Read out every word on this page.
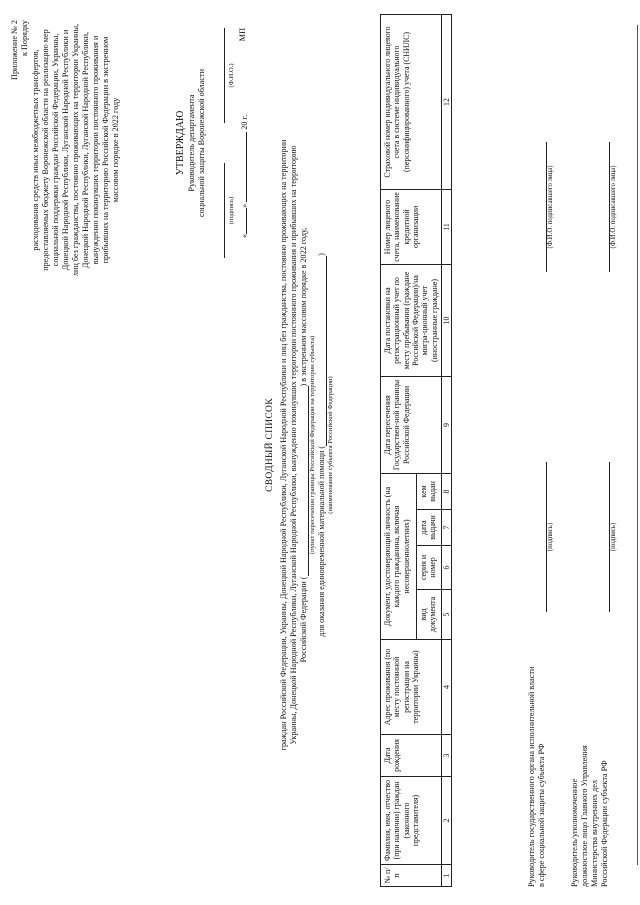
Приложение № 2 к Порядку
расходования средств иных межбюджетных трансфертов, предоставляемых бюджету Воронежской области на реализацию мер социальной поддержки граждан Российской Федерации, Украины, Донецкой Народной Республики, Луганской Народной Республики и лиц без гражданства, постоянно проживающих на территории Украины, Донецкой Народной Республики, Луганской Народной Республики, вынужденно покинувших территории постоянного проживания и прибывших на территорию Российской Федерации в экстренном массовом порядке в 2022 году	УТВЕРЖДАЮ Руководитель департамента социальной защиты Воронежской области	(подпись)
(Ф.И.О.)
«»  20 г.
МП
СВОДНЫЙ СПИСОК граждан Российской Федерации, Украины, Донецкой Народной Республики, Луганской Народной Республики и лиц без гражданства, постоянно проживающих на территории Украины, Донецкой Народной Республики, Луганской Народной Республики, вынужденно покинувших территории постоянного проживания и прибывших на территорию Российской Федерации () в экстренном массовом порядке в 2022 году,
(пункт пересечения границы Российской Федерации на территории субъекта) для оказания единовременной материальной помощи ()
(наименование субъекта Российской Федерации)
№ п/п	Фамилия, имя, отчество (при наличии) граждан (законного представителя)	Дата рождения	Адрес проживания (по месту постоянной регистрации на территории Украины)	Документ, удостоверяющий личность (на каждого гражданина, включая несовершеннолетних)				Дата пересечения Государствен-ной границы Российской Федерации	Дата постановки на регистрационный учет по месту пребывания (граждане Российской Федерации)/на мигра-ционный учет (иностранные граждане)	Номер лицевого счета, наименование кредитной организации	Страховой номер индивидуального лицевого счета в системе индивидуального (персонифицированного) учета (СНИЛС)
				вид документа	серия и номер	дата выдачи	кем выдан				
1	2	3	4	5	6	7	8	9	10	11	12
Руководитель государственного органа исполнительной власти в сфере социальной защиты субъекта РФ
(подпись)
(Ф.И.О. подписавшего лица)
Руководитель/уполномоченное должностное лицо Главного Управления Министерства внутренних дел Российской Федерации субъекта РФ
(подпись)
(Ф.И.О. подписавшего лица)
